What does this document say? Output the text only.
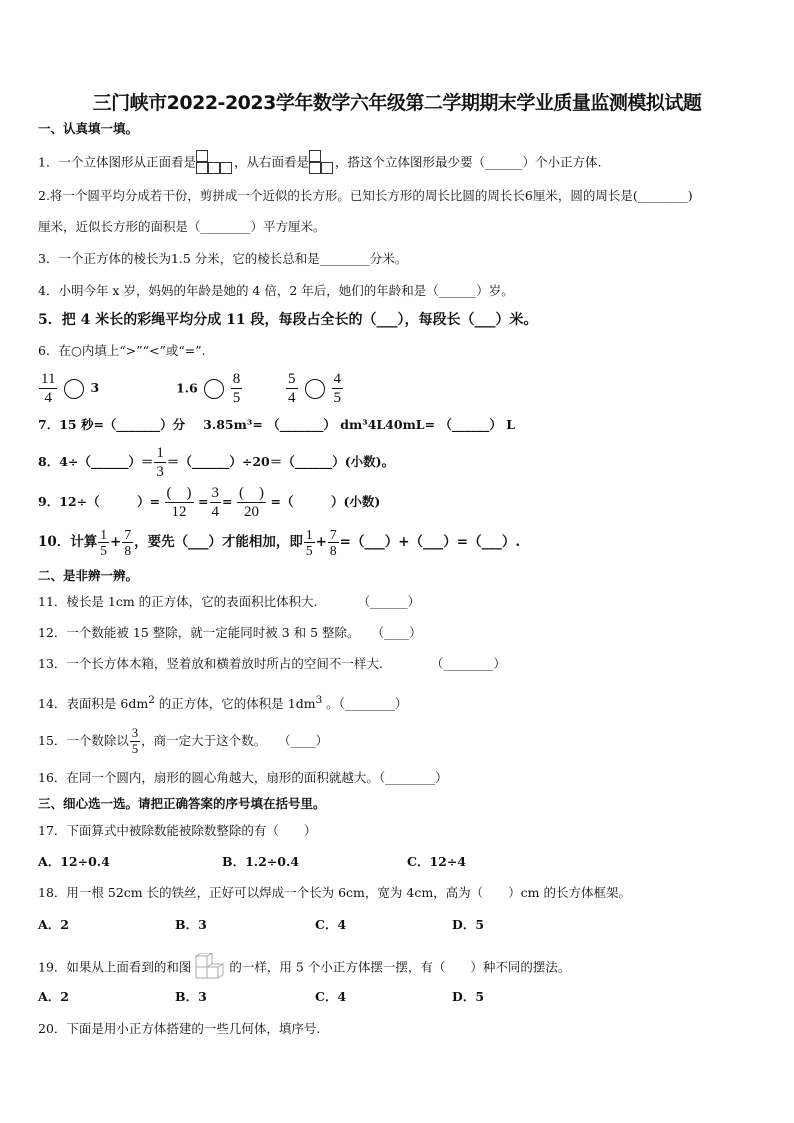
三门峡市2022-2023学年数学六年级第二学期期末学业质量监测模拟试题
一、认真填一填。
1．一个立体图形从正面看是	，从右面看是 ，搭这个立体图形最少要（______）个小正方体.
2.将一个圆平均分成若干份，剪拼成一个近似的长方形。已知长方形的周长比圆的周长长6厘米，圆的周长是(________)
厘米，近似长方形的面积是（________）平方厘米。
3．一个正方体的棱长为1.5 分米，它的棱长总和是________分米。
4．小明今年 x 岁，妈妈的年龄是她的 4 倍，2 年后，她们的年龄和是（______）岁。
5．把 4 米长的彩绳平均分成 11 段，每段占全长的（___），每段长（___）米。
6．在○内填上“>”“<”或“=”.
$\frac{11}{4}$	3	$1.6 \frac{8}{5}$	$\frac{5}{4} \frac{4}{5}$
7．15 秒=（_______）分 3.85m³= （_______） dm³4L40mL= （______） L
8．4÷（______）＝ $\frac{1}{3}$ ＝（______）÷20＝（______）(小数)。
9．12÷（　　　）= $\frac{( )}{12} = \frac{3}{4} = \frac{( )}{20}$ =（　　　）(小数)
10．计算 $\frac{1}{5} + \frac{7}{8}$ ，要先（___）才能相加，即 $\frac{1}{5} + \frac{7}{8}$ =（___）+（___）=（___）.
二、是非辨一辨。
11．棱长是 1cm 的正方体，它的表面积比体积大.	（______）
12．一个数能被 15 整除，就一定能同时被 3 和 5 整除。 （____）
13．一个长方体木箱，竖着放和横着放时所占的空间不一样大.	（________）
14．表面积是 $6dm^2$ 的正方体，它的体积是 $1dm^3$ 。（________）
15．一个数除以 $\frac{3}{5}$ ，商一定大于这个数。 （____）
16．在同一个圆内，扇形的圆心角越大，扇形的面积就越大。（________）
三、细心选一选。请把正确答案的序号填在括号里。
17．下面算式中被除数能被除数整除的有（　　）
A．12÷0.4	B．1.2÷0.4	C．12÷4
18．用一根 52cm 长的铁丝，正好可以焊成一个长为 6cm，宽为 4cm，高为（　　）cm 的长方体框架。
A．2	B．3	C．4	D．5
19．如果从上面看到的和图	的一样，用 5 个小正方体摆一摆，有（　　）种不同的摆法。
A．2	B．3	C．4	D．5
20．下面是用小正方体搭建的一些几何体，填序号.
